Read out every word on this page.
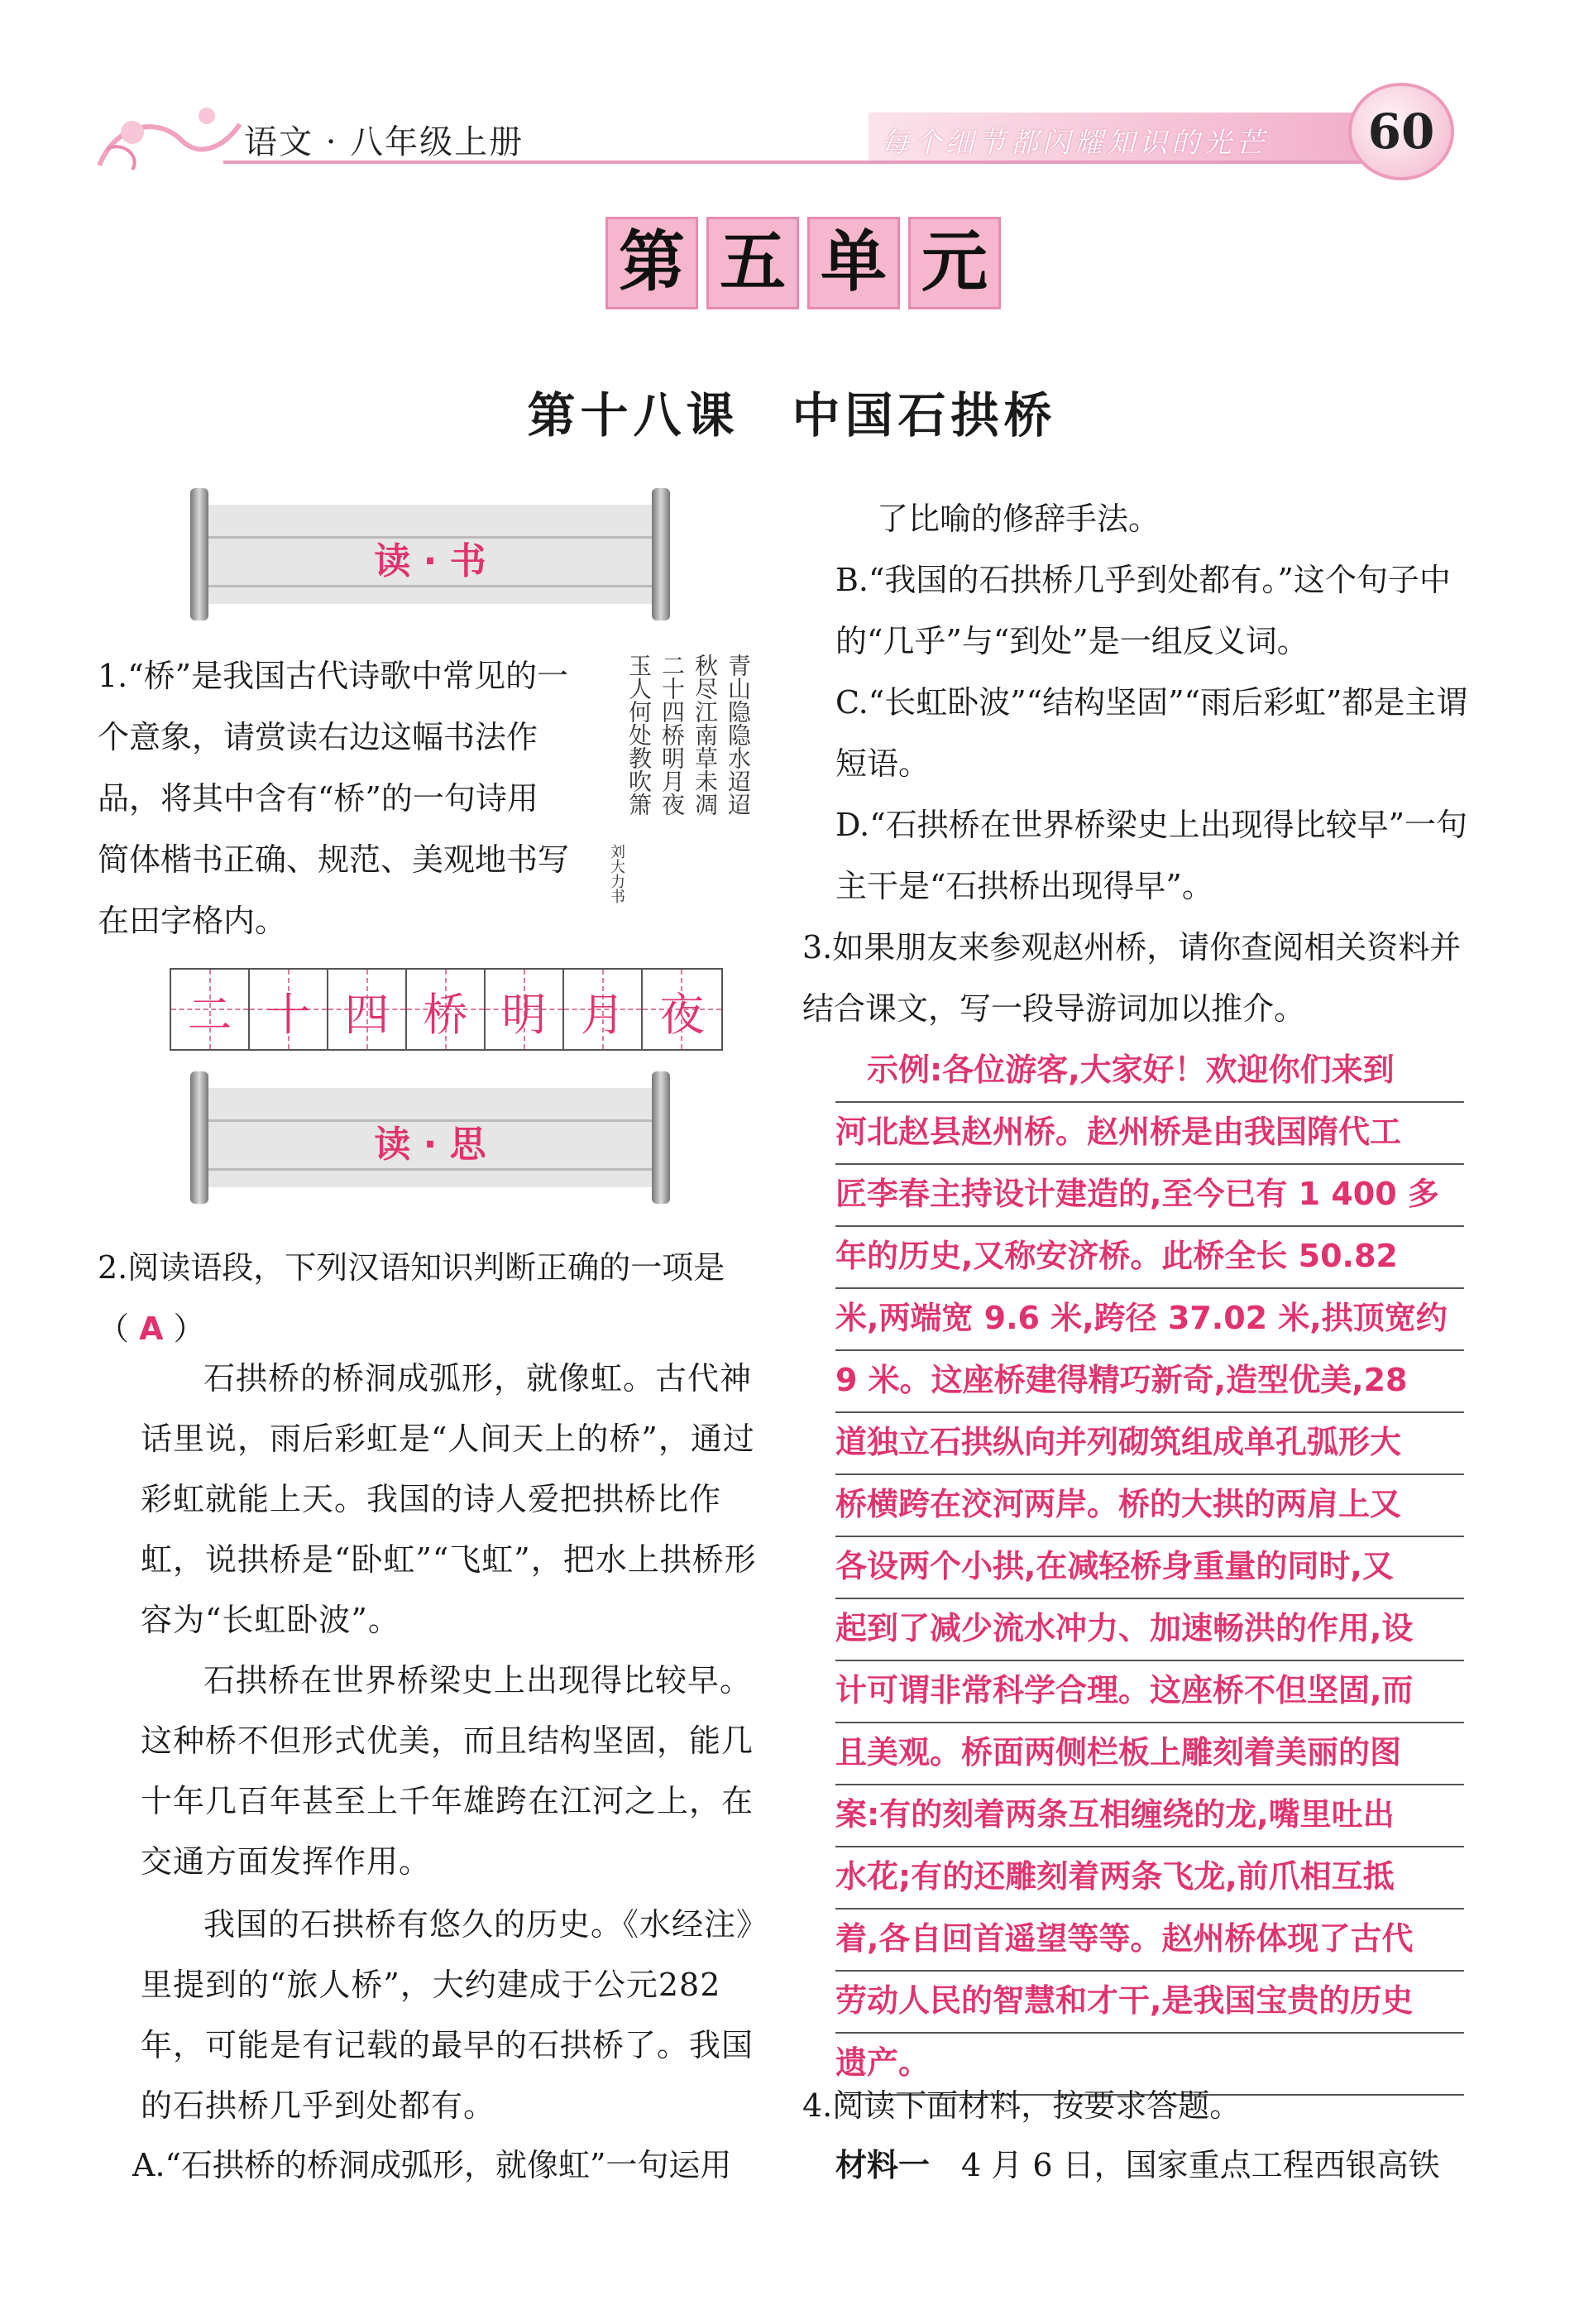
语文 · 八年级上册	每个细节都闪耀知识的光芒	60
第 五 单 元
第十八课　中国石拱桥
读 · 书
1.“桥”是我国古代诗歌中常见的一个意象，请赏读右边这幅书法作品，将其中含有“桥”的一句诗用简体楷书正确、规范、美观地书写在田字格内。
青山隐隐水迢迢
秋尽江南草未凋
二十四桥明月夜
玉人何处教吹箫
刘大力书
二 十 四 桥 明 月 夜
读 · 思
2.阅读语段，下列汉语知识判断正确的一项是
（ A ）
石拱桥的桥洞成弧形，就像虹。古代神话里说，雨后彩虹是“人间天上的桥”，通过彩虹就能上天。我国的诗人爱把拱桥比作虹，说拱桥是“卧虹”“飞虹”，把水上拱桥形容为“长虹卧波”。
石拱桥在世界桥梁史上出现得比较早。这种桥不但形式优美，而且结构坚固，能几十年几百年甚至上千年雄跨在江河之上，在交通方面发挥作用。
我国的石拱桥有悠久的历史。《水经注》里提到的“旅人桥”，大约建成于公元282年，可能是有记载的最早的石拱桥了。我国的石拱桥几乎到处都有。
A.“石拱桥的桥洞成弧形，就像虹”一句运用
了比喻的修辞手法。
B.“我国的石拱桥几乎到处都有。”这个句子中的“几乎”与“到处”是一组反义词。
C.“长虹卧波”“结构坚固”“雨后彩虹”都是主谓短语。
D.“石拱桥在世界桥梁史上出现得比较早”一句主干是“石拱桥出现得早”。
3.如果朋友来参观赵州桥，请你查阅相关资料并结合课文，写一段导游词加以推介。
　示例:各位游客,大家好！欢迎你们来到
河北赵县赵州桥。赵州桥是由我国隋代工
匠李春主持设计建造的,至今已有 1 400 多
年的历史,又称安济桥。此桥全长 50.82
米,两端宽 9.6 米,跨径 37.02 米,拱顶宽约
9 米。这座桥建得精巧新奇,造型优美,28
道独立石拱纵向并列砌筑组成单孔弧形大
桥横跨在洨河两岸。桥的大拱的两肩上又
各设两个小拱,在减轻桥身重量的同时,又
起到了减少流水冲力、加速畅洪的作用,设
计可谓非常科学合理。这座桥不但坚固,而
且美观。桥面两侧栏板上雕刻着美丽的图
案:有的刻着两条互相缠绕的龙,嘴里吐出
水花;有的还雕刻着两条飞龙,前爪相互抵
着,各自回首遥望等等。赵州桥体现了古代
劳动人民的智慧和才干,是我国宝贵的历史
遗产。
4.阅读下面材料，按要求答题。
材料一　4 月 6 日，国家重点工程西银高铁
